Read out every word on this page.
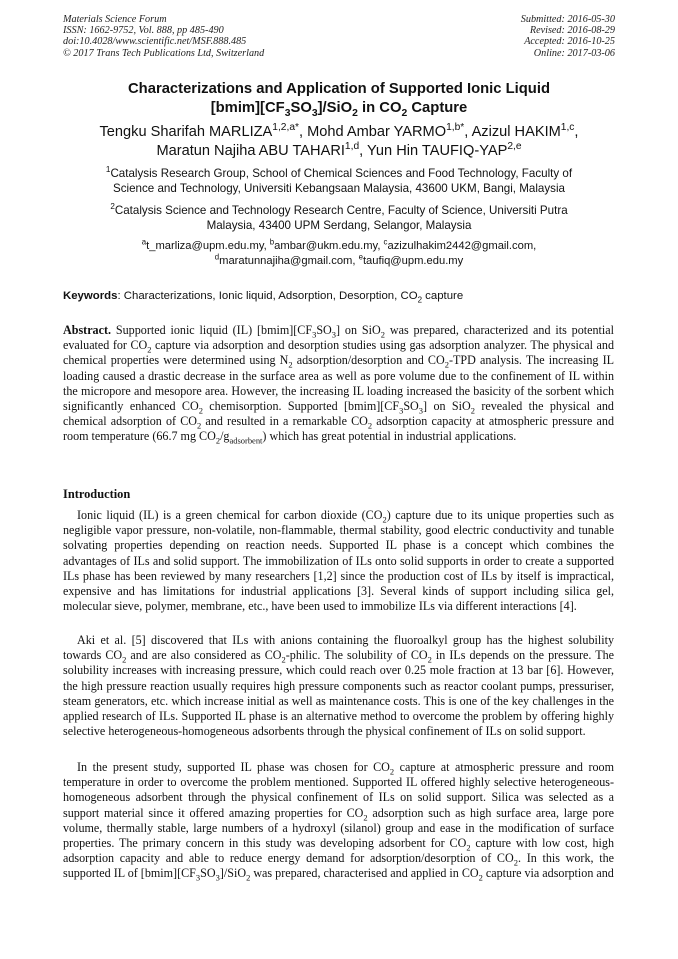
Materials Science Forum
ISSN: 1662-9752, Vol. 888, pp 485-490
doi:10.4028/www.scientific.net/MSF.888.485
© 2017 Trans Tech Publications Ltd, Switzerland
Submitted: 2016-05-30
Revised: 2016-08-29
Accepted: 2016-10-25
Online: 2017-03-06
Characterizations and Application of Supported Ionic Liquid
$[bmim][CF_3SO_3]/SiO_2$ in $CO_2$ Capture
Tengku Sharifah $MARLIZA^{1,2,a*}$, Mohd Ambar $YARMO^{1,b*}$, Azizul HAKIM$^{1,c}$,
Maratun Najiha ABU TAHARI$^{1,d}$, Yun Hin TAUFIQ-YAP$^{2,e}$
$^1$Catalysis Research Group, School of Chemical Sciences and Food Technology, Faculty of
Science and Technology, Universiti Kebangsaan Malaysia, 43600 UKM, Bangi, Malaysia
$^2$Catalysis Science and Technology Research Centre, Faculty of Science, Universiti Putra
Malaysia, 43400 UPM Serdang, Selangor, Malaysia
$^a$t_marliza@upm.edu.my, $^b$ambar@ukm.edu.my, $^c$azizulhakim2442@gmail.com,
$^d$maratunnajiha@gmail.com, $^e$taufiq@upm.edu.my
Keywords: Characterizations, Ionic liquid, Adsorption, Desorption, $CO_2$ capture
Abstract. Supported ionic liquid (IL) $[bmim][CF_3SO_3]$ on SiO$_2$ was prepared, characterized and its potential evaluated for $CO_2$ capture via adsorption and desorption studies using gas adsorption analyzer. The physical and chemical properties were determined using $N_2$ adsorption/desorption and $CO_2$-TPD analysis. The increasing IL loading caused a drastic decrease in the surface area as well as pore volume due to the confinement of IL within the micropore and mesopore area. However, the increasing IL loading increased the basicity of the sorbent which significantly enhanced $CO_2$ chemisorption. Supported $[bmim][CF_3SO_3]$ on SiO$_2$ revealed the physical and chemical adsorption of $CO_2$ and resulted in a remarkable $CO_2$ adsorption capacity at atmospheric pressure and room temperature (66.7 mg $CO_2/g_{adsorbent}$) which has great potential in industrial applications.
Introduction
Ionic liquid (IL) is a green chemical for carbon dioxide $(CO_2)$ capture due to its unique properties such as negligible vapor pressure, non-volatile, non-flammable, thermal stability, good electric conductivity and tunable solvating properties depending on reaction needs. Supported IL phase is a concept which combines the advantages of ILs and solid support. The immobilization of ILs onto solid supports in order to create a supported ILs phase has been reviewed by many researchers [1,2] since the production cost of ILs by itself is impractical, expensive and has limitations for industrial applications [3]. Several kinds of support including silica gel, molecular sieve, polymer, membrane, etc., have been used to immobilize ILs via different interactions [4].
Aki et al. [5] discovered that ILs with anions containing the fluoroalkyl group has the highest solubility towards $CO_2$ and are also considered as $CO_2$-philic. The solubility of $CO_2$ in ILs depends on the pressure. The solubility increases with increasing pressure, which could reach over 0.25 mole fraction at 13 bar [6]. However, the high pressure reaction usually requires high pressure components such as reactor coolant pumps, pressuriser, steam generators, etc. which increase initial as well as maintenance costs. This is one of the key challenges in the applied research of ILs. Supported IL phase is an alternative method to overcome the problem by offering highly selective heterogeneous-homogeneous adsorbents through the physical confinement of ILs on solid support.
In the present study, supported IL phase was chosen for $CO_2$ capture at atmospheric pressure and room temperature in order to overcome the problem mentioned. Supported IL offered highly selective heterogeneous-homogeneous adsorbent through the physical confinement of ILs on solid support. Silica was selected as a support material since it offered amazing properties for $CO_2$ adsorption such as high surface area, large pore volume, thermally stable, large numbers of a hydroxyl (silanol) group and ease in the modification of surface properties. The primary concern in this study was developing adsorbent for $CO_2$ capture with low cost, high adsorption capacity and able to reduce energy demand for adsorption/desorption of $CO_2$. In this work, the supported IL of $[bmim][CF_3SO_3]/SiO_2$ was prepared, characterised and applied in $CO_2$ capture via adsorption and
